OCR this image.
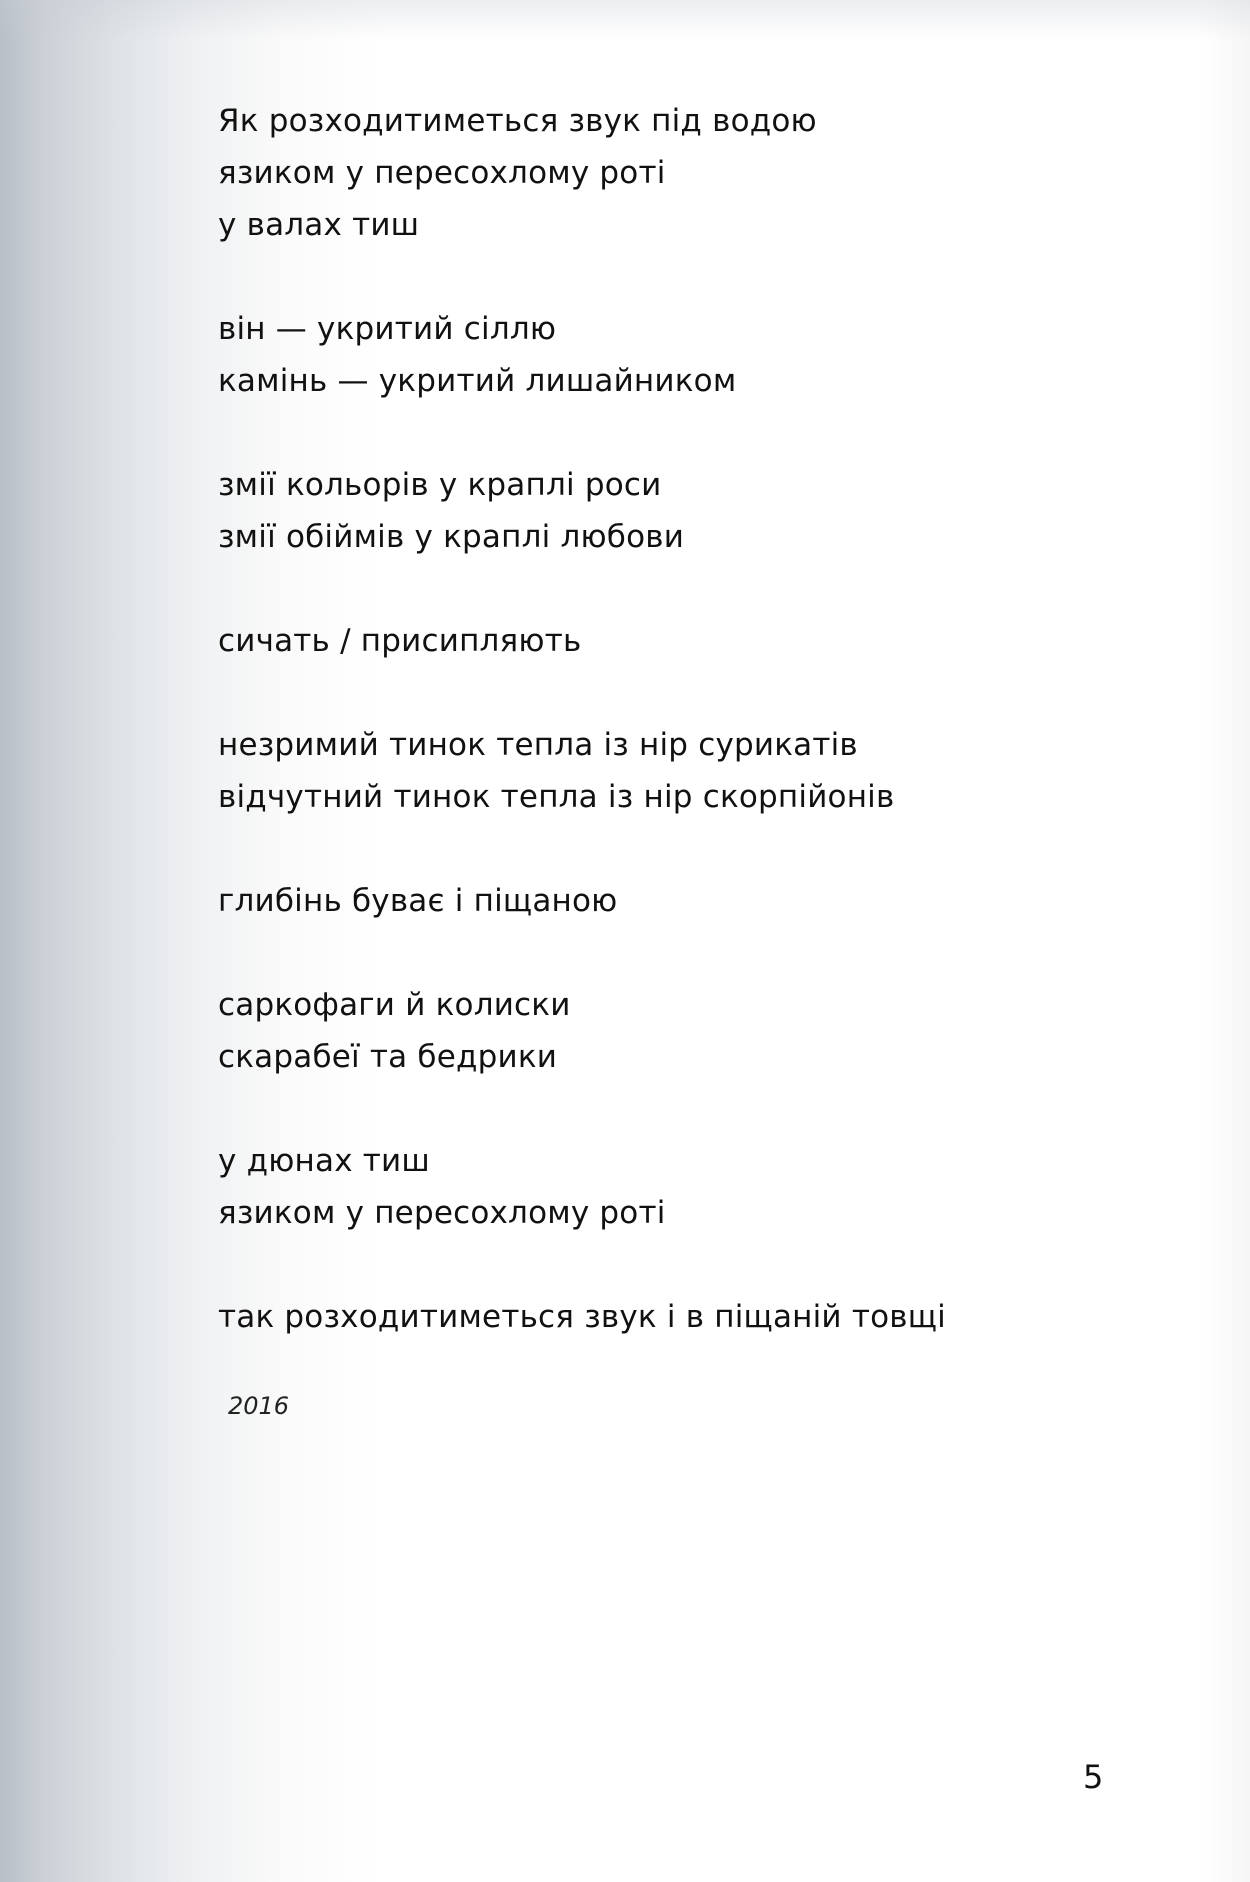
Як розходитиметься звук під водою
язиком у пересохлому роті
у валах тиш
він — укритий сіллю
камінь — укритий лишайником
змії кольорів у краплі роси
змії обіймів у краплі любови
сичать / присипляють
незримий тинок тепла із нір сурикатів
відчутний тинок тепла із нір скорпійонів
глибінь буває і піщаною
саркофаги й колиски
скарабеї та бедрики
у дюнах тиш
язиком у пересохлому роті
так розходитиметься звук і в піщаній товщі
2016
5
